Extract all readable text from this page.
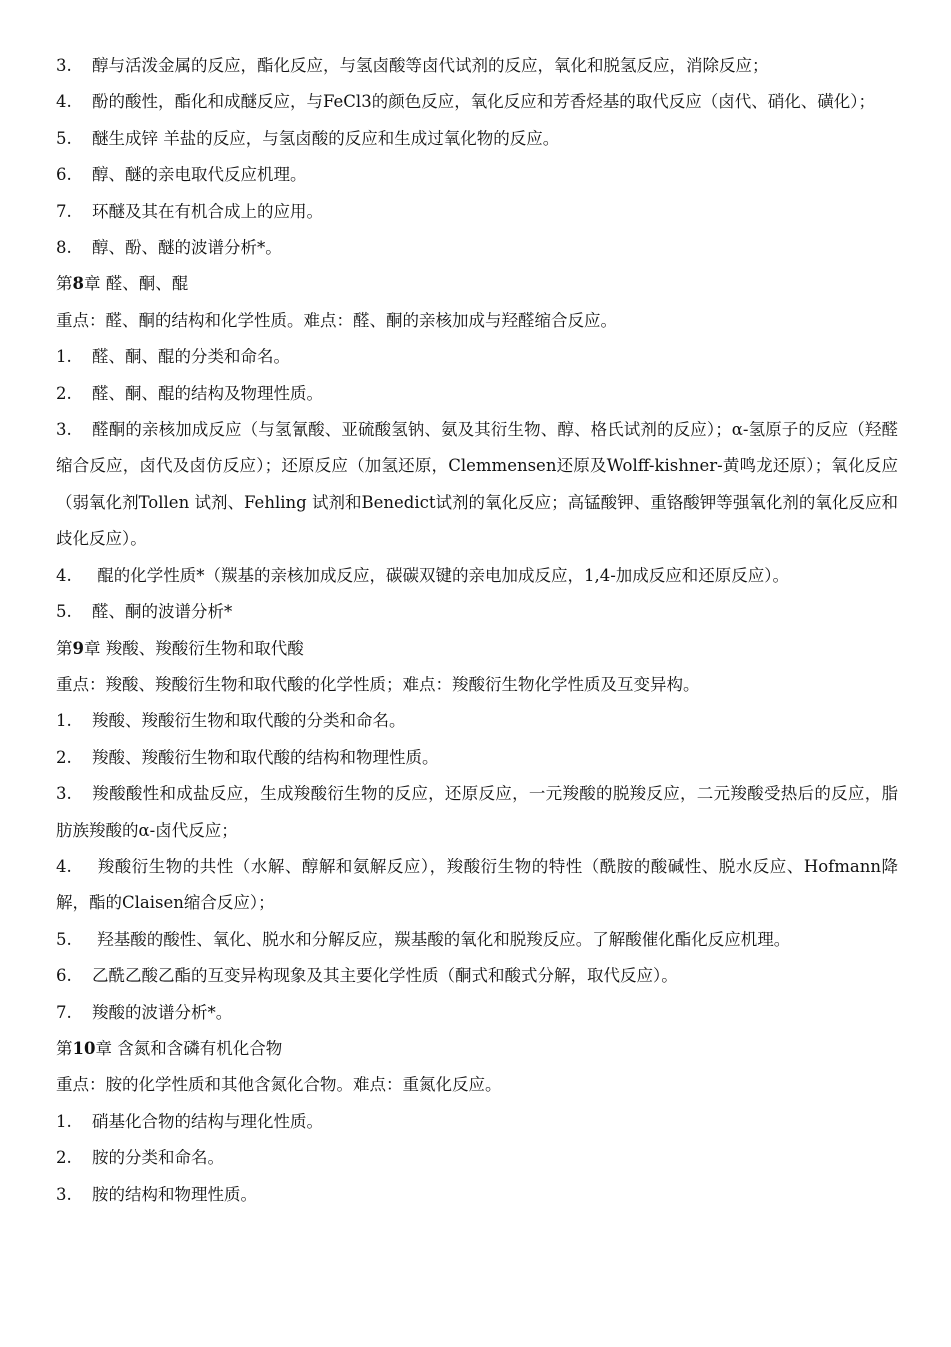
3. 醇与活泼金属的反应，酯化反应，与氢卤酸等卤代试剂的反应，氧化和脱氢反应，消除反应；

4. 酚的酸性，酯化和成醚反应，与FeCl3的颜色反应，氧化反应和芳香烃基的取代反应（卤代、硝化、磺化）；

5. 醚生成锌 羊盐的反应，与氢卤酸的反应和生成过氧化物的反应。

6. 醇、醚的亲电取代反应机理。

7. 环醚及其在有机合成上的应用。

8. 醇、酚、醚的波谱分析*。

第8章 醛、酮、醌

重点：醛、酮的结构和化学性质。难点：醛、酮的亲核加成与羟醛缩合反应。

1. 醛、酮、醌的分类和命名。

2. 醛、酮、醌的结构及物理性质。

3. 醛酮的亲核加成反应（与氢氰酸、亚硫酸氢钠、氨及其衍生物、醇、格氏试剂的反应）；α-氢原子的反应（羟醛缩合反应，卤代及卤仿反应）；还原反应（加氢还原，Clemmensen还原及Wolff-kishner-黄鸣龙还原）；氧化反应（弱氧化剂Tollen 试剂、Fehling 试剂和Benedict试剂的氧化反应；高锰酸钾、重铬酸钾等强氧化剂的氧化反应和歧化反应）。

4. 醌的化学性质*（羰基的亲核加成反应，碳碳双键的亲电加成反应，1,4-加成反应和还原反应）。

5. 醛、酮的波谱分析*

第9章 羧酸、羧酸衍生物和取代酸

重点：羧酸、羧酸衍生物和取代酸的化学性质；难点：羧酸衍生物化学性质及互变异构。

1. 羧酸、羧酸衍生物和取代酸的分类和命名。

2. 羧酸、羧酸衍生物和取代酸的结构和物理性质。

3. 羧酸酸性和成盐反应，生成羧酸衍生物的反应，还原反应，一元羧酸的脱羧反应，二元羧酸受热后的反应，脂肪族羧酸的α-卤代反应；

4. 羧酸衍生物的共性（水解、醇解和氨解反应），羧酸衍生物的特性（酰胺的酸碱性、脱水反应、Hofmann降解，酯的Claisen缩合反应）；

5. 羟基酸的酸性、氧化、脱水和分解反应，羰基酸的氧化和脱羧反应。了解酸催化酯化反应机理。

6. 乙酰乙酸乙酯的互变异构现象及其主要化学性质（酮式和酸式分解，取代反应）。

7. 羧酸的波谱分析*。

第10章 含氮和含磷有机化合物

重点：胺的化学性质和其他含氮化合物。难点：重氮化反应。

1. 硝基化合物的结构与理化性质。

2. 胺的分类和命名。

3. 胺的结构和物理性质。
